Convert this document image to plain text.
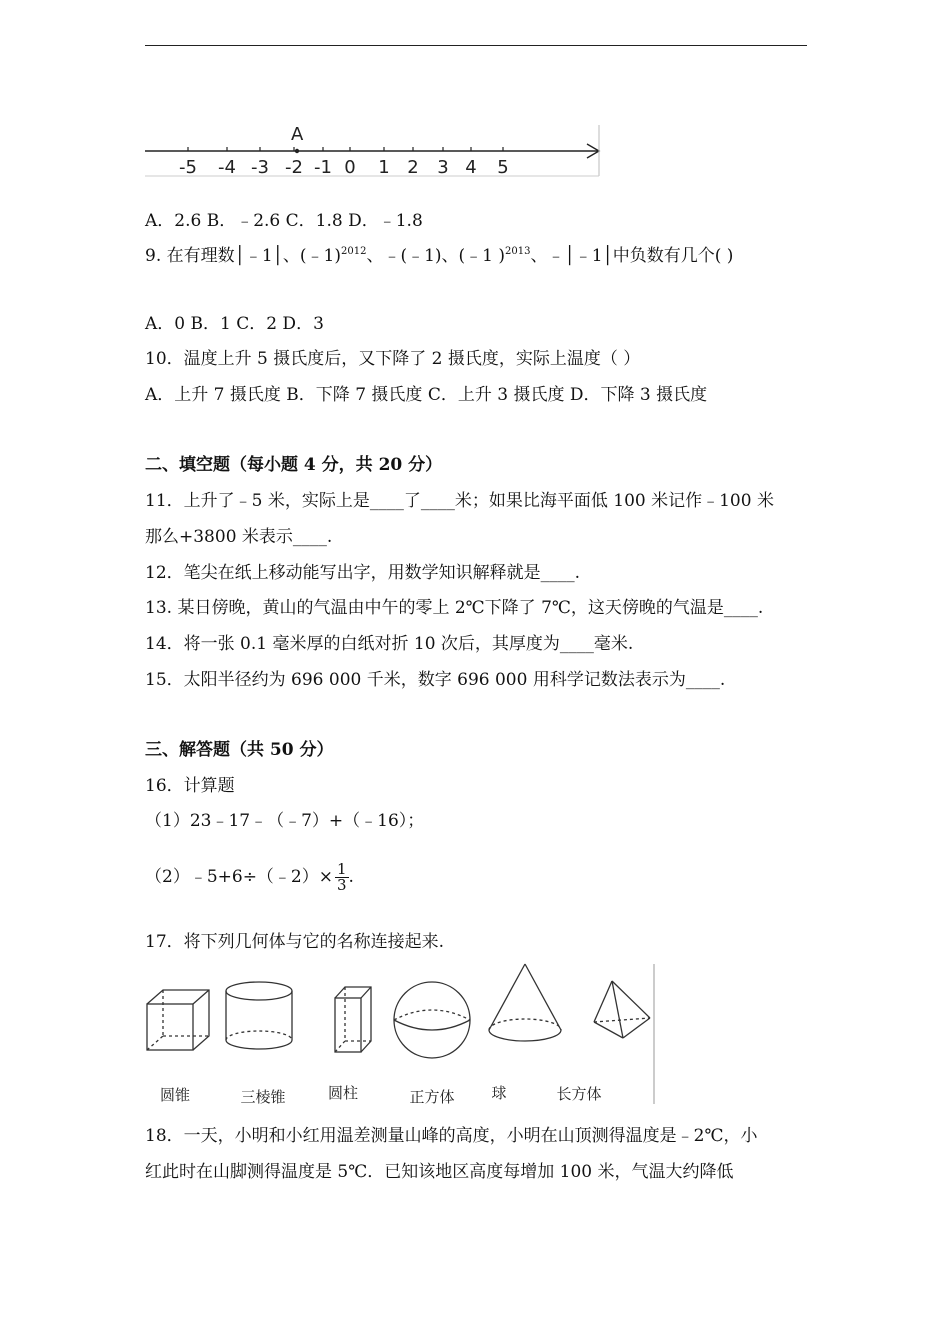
A
-5 -4 -3 -2 -1 0 1 2 3 4 5
A．2.6 B．﹣2.6 C．1.8 D．﹣1.8
9. 在有理数│﹣1│、(﹣1)$^{2012}$、﹣(﹣1)、(﹣1 )$^{2013}$、﹣│﹣1│中负数有几个( )
A．0 B．1 C．2 D．3
10．温度上升 5 摄氏度后，又下降了 2 摄氏度，实际上温度（ ）
A．上升 7 摄氏度 B．下降 7 摄氏度 C．上升 3 摄氏度 D．下降 3 摄氏度
二、填空题（每小题 4 分，共 20 分）
11．上升了﹣5 米，实际上是____了____米；如果比海平面低 100 米记作﹣100 米
那么+3800 米表示____.
12．笔尖在纸上移动能写出字，用数学知识解释就是____.
13. 某日傍晚，黄山的气温由中午的零上 2℃下降了 7℃，这天傍晚的气温是____.
14．将一张 0.1 毫米厚的白纸对折 10 次后，其厚度为____毫米.
15．太阳半径约为 696 000 千米，数字 696 000 用科学记数法表示为____.
三、解答题（共 50 分）
16．计算题
（1）23﹣17﹣（﹣7）+（﹣16）；
（2）﹣5+6÷（﹣2）× $\frac{1}{3}$ .
17．将下列几何体与它的名称连接起来.
圆锥	三棱锥	圆柱	正方体 球	长方体
18．一天，小明和小红用温差测量山峰的高度，小明在山顶测得温度是﹣2℃，小
红此时在山脚测得温度是 5℃．已知该地区高度每增加 100 米，气温大约降低
